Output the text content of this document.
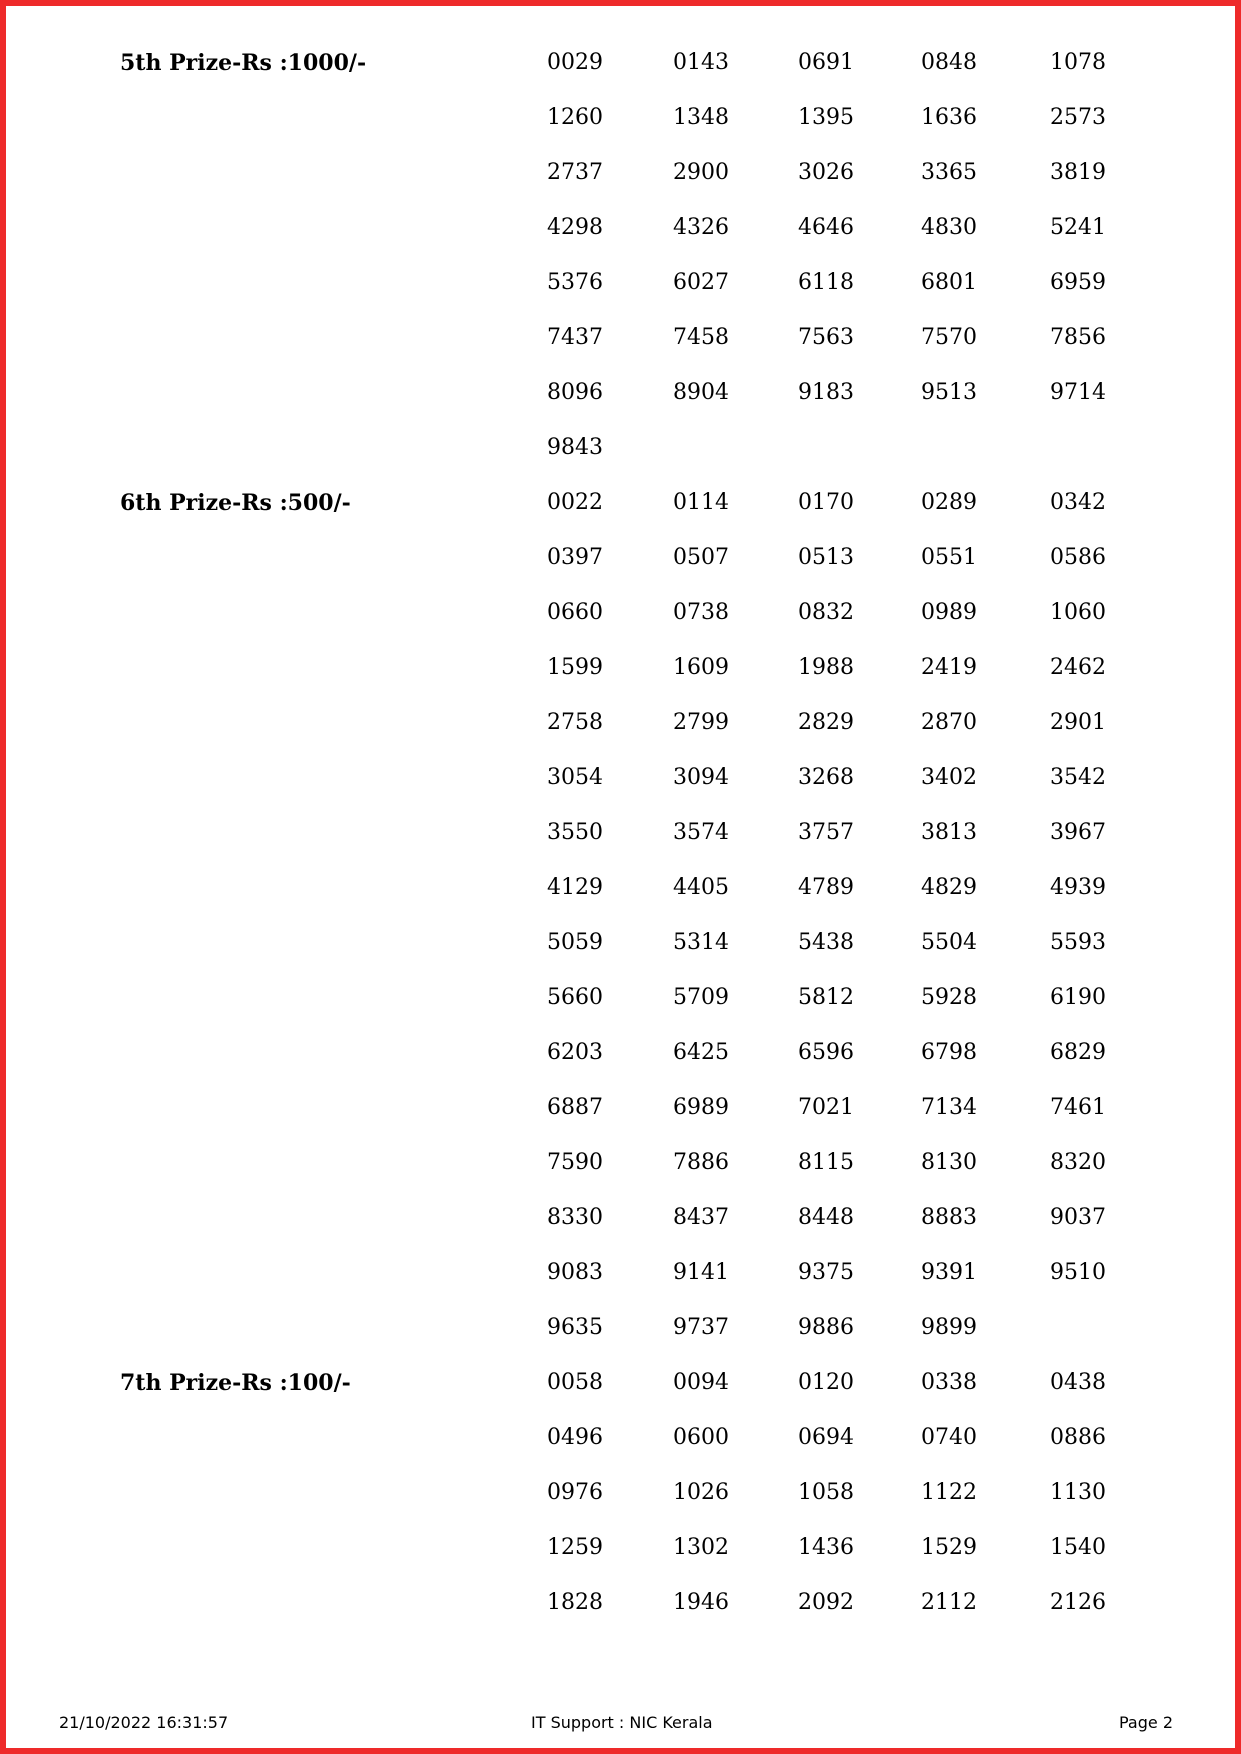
5th Prize-Rs :1000/-	0029	0143	0691	0848	1078
1260	1348	1395	1636	2573
2737	2900	3026	3365	3819
4298	4326	4646	4830	5241
5376	6027	6118	6801	6959
7437	7458	7563	7570	7856
8096	8904	9183	9513	9714
9843
6th Prize-Rs :500/-	0022	0114	0170	0289	0342
0397	0507	0513	0551	0586
0660	0738	0832	0989	1060
1599	1609	1988	2419	2462
2758	2799	2829	2870	2901
3054	3094	3268	3402	3542
3550	3574	3757	3813	3967
4129	4405	4789	4829	4939
5059	5314	5438	5504	5593
5660	5709	5812	5928	6190
6203	6425	6596	6798	6829
6887	6989	7021	7134	7461
7590	7886	8115	8130	8320
8330	8437	8448	8883	9037
9083	9141	9375	9391	9510
9635	9737	9886	9899
7th Prize-Rs :100/-	0058	0094	0120	0338	0438
0496	0600	0694	0740	0886
0976	1026	1058	1122	1130
1259	1302	1436	1529	1540
1828	1946	2092	2112	2126
21/10/2022 16:31:57	IT Support : NIC Kerala	Page 2
